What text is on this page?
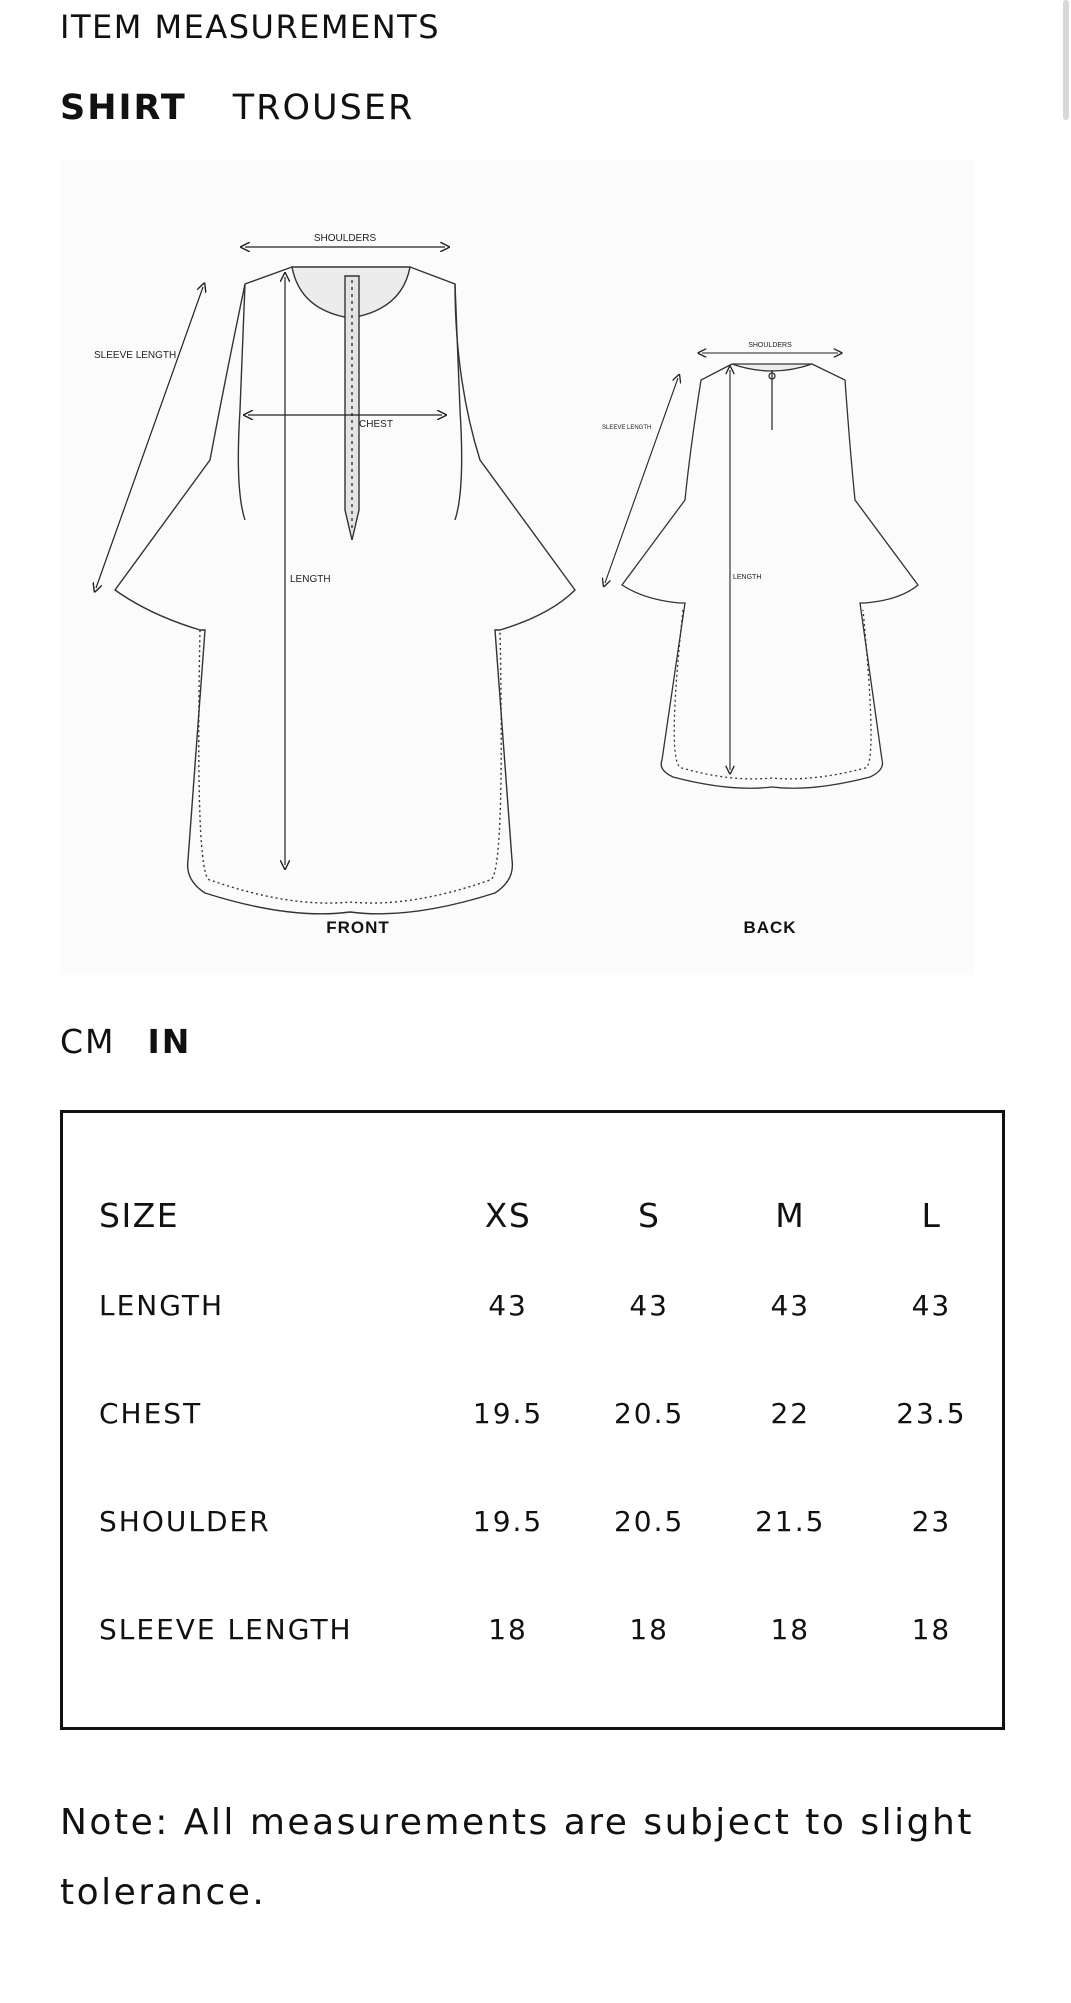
ITEM MEASUREMENTS
SHIRT TROUSER
SHOULDERS
CHEST
LENGTH
SLEEVE LENGTH
FRONT
SHOULDERS
LENGTH
SLEEVE LENGTH
BACK
CM IN
SIZE	XS	S	M	L
LENGTH	43	43	43	43
CHEST	19.5	20.5	22	23.5
SHOULDER	19.5	20.5	21.5	23
SLEEVE LENGTH	18	18	18	18
Note: All measurements are subject to slight tolerance.
